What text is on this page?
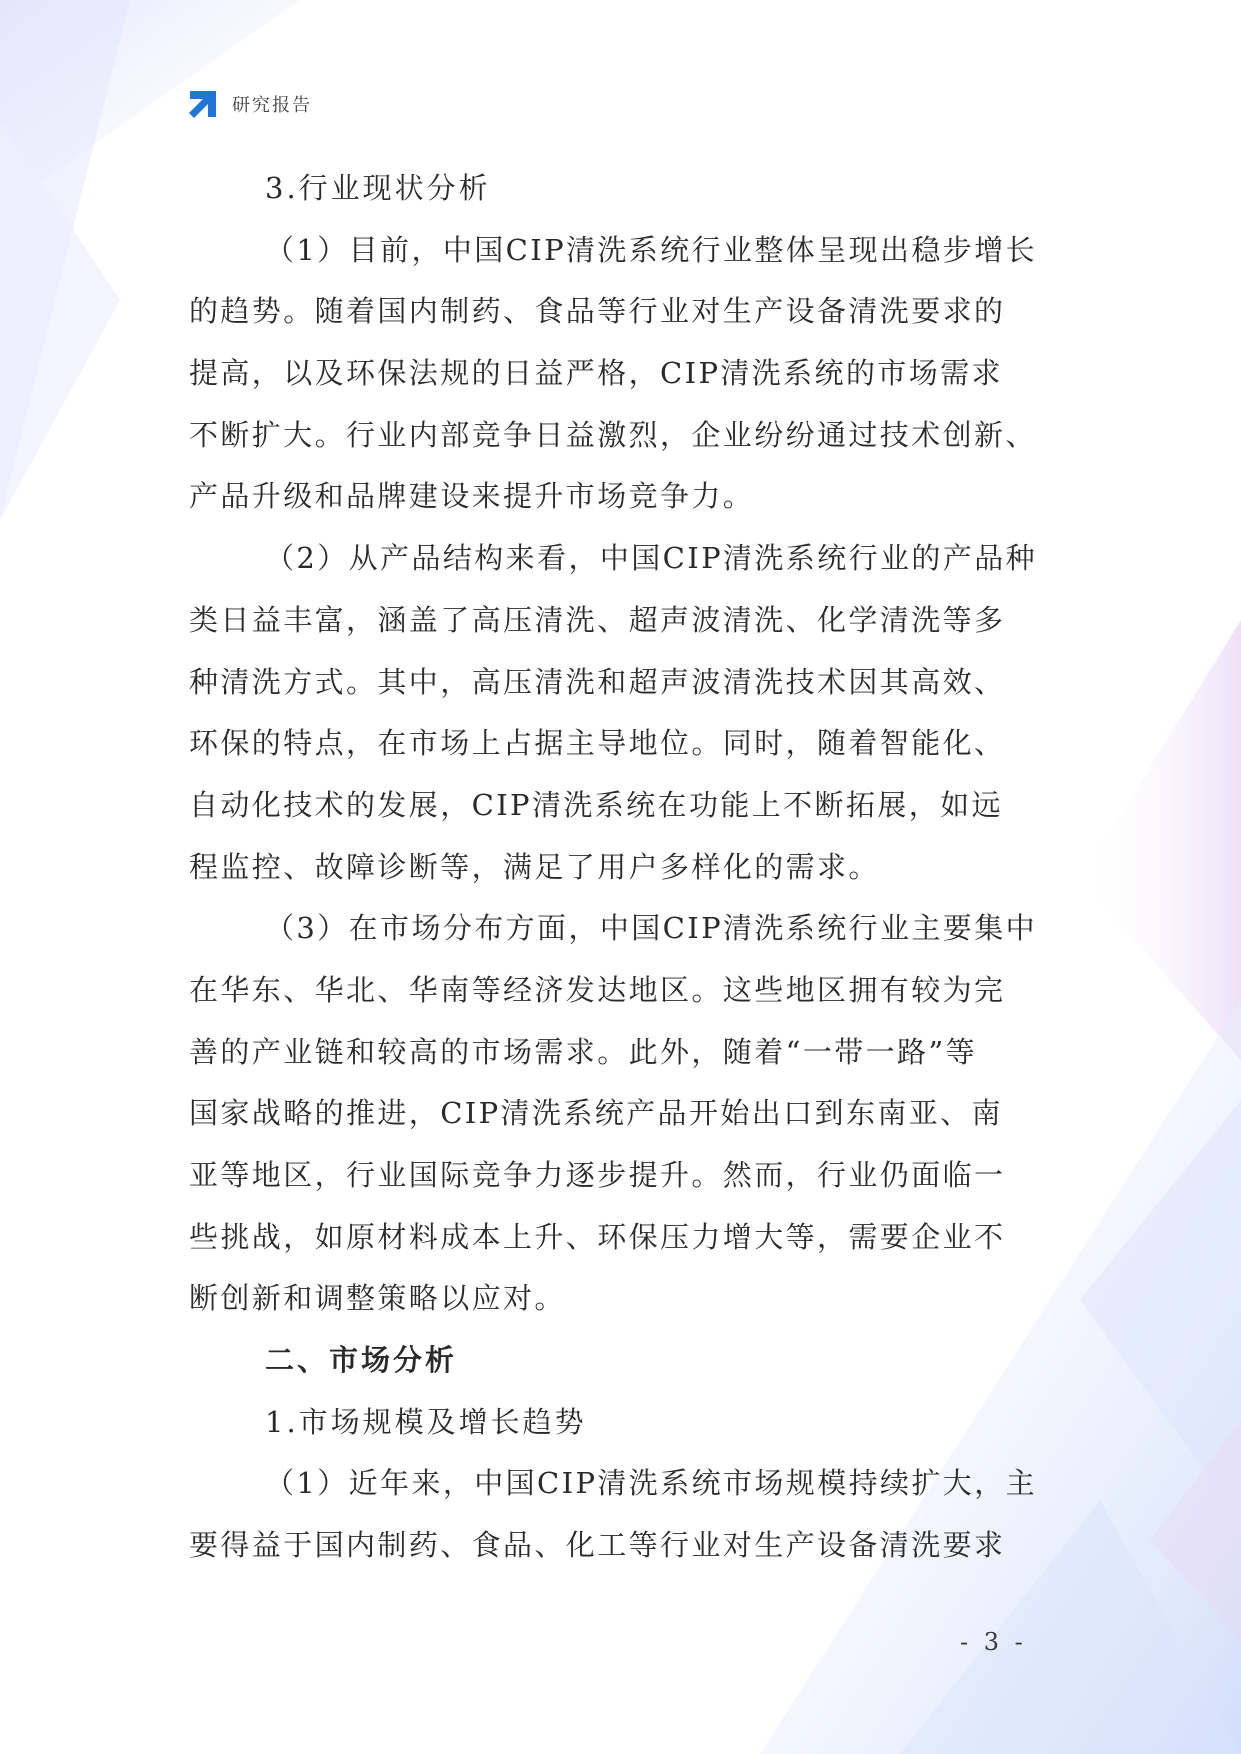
研究报告
3.行业现状分析
（1）目前，中国CIP清洗系统行业整体呈现出稳步增长
的趋势。随着国内制药、食品等行业对生产设备清洗要求的
提高，以及环保法规的日益严格，CIP清洗系统的市场需求
不断扩大。行业内部竞争日益激烈，企业纷纷通过技术创新、
产品升级和品牌建设来提升市场竞争力。
（2）从产品结构来看，中国CIP清洗系统行业的产品种
类日益丰富，涵盖了高压清洗、超声波清洗、化学清洗等多
种清洗方式。其中，高压清洗和超声波清洗技术因其高效、
环保的特点，在市场上占据主导地位。同时，随着智能化、
自动化技术的发展，CIP清洗系统在功能上不断拓展，如远
程监控、故障诊断等，满足了用户多样化的需求。
（3）在市场分布方面，中国CIP清洗系统行业主要集中
在华东、华北、华南等经济发达地区。这些地区拥有较为完
善的产业链和较高的市场需求。此外，随着“一带一路”等
国家战略的推进，CIP清洗系统产品开始出口到东南亚、南
亚等地区，行业国际竞争力逐步提升。然而，行业仍面临一
些挑战，如原材料成本上升、环保压力增大等，需要企业不
断创新和调整策略以应对。
二、市场分析
1.市场规模及增长趋势
（1）近年来，中国CIP清洗系统市场规模持续扩大，主
要得益于国内制药、食品、化工等行业对生产设备清洗要求
- 3 -
